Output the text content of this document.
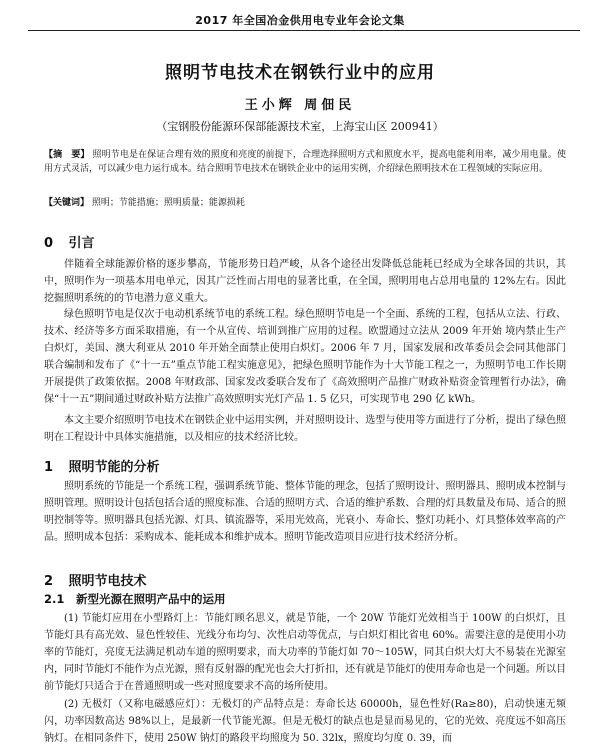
2017 年全国冶金供用电专业年会论文集
照明节电技术在钢铁行业中的应用
王小辉 周佃民
（宝钢股份能源环保部能源技术室，上海宝山区 200941）
【摘　要】 照明节电是在保证合理有效的照度和亮度的前提下，合理选择照明方式和照度水平，提高电能利用率，减少用电量。使用方式灵活，可以减少电力运行成本。结合照明节电技术在钢铁企业中的运用实例，介绍绿色照明技术在工程领域的实际应用。
【关键词】 照明；节能措施；照明质量；能源损耗
0 引言

伴随着全球能源价格的逐步攀高，节能形势日趋严峻，从各个途径出发降低总能耗已经成为全球各国的共识，其中，照明作为一项基本用电单元，因其广泛性而占用电的显著比重，在全国，照明用电占总用电量的 12%左右。因此挖掘照明系统的的节电潜力意义重大。

绿色照明节电是仅次于电动机系统节电的系统工程。绿色照明节电是一个全面、系统的工程，包括从立法、行政、技术、经济等多方面采取措施，有一个从宣传、培训到推广应用的过程。欧盟通过立法从 2009 年开始 境内禁止生产白炽灯，美国、澳大利亚从 2010 年开始全面禁止使用白炽灯。2006 年 7 月，国家发展和改革委员会会同其他部门联合编制和发布了《“十一五”重点节能工程实施意见》，把绿色照明节能作为十大节能工程之一，为照明节电工作长期开展提供了政策依据。2008 年财政部、国家发改委联合发布了《高效照明产品推广财政补贴资金管理暂行办法》，确保“十一五”期间通过财政补贴方法推广高效照明实光灯产品 1. 5 亿只，可实现节电 290 亿 kWh。

本文主要介绍照明节电技术在钢铁企业中运用实例，并对照明设计、选型与使用等方面进行了分析，提出了绿色照明在工程设计中具体实施措施，以及相应的技术经济比较。

1 照明节能的分析

照明系统的节能是一个系统工程，强调系统节能、整体节能的理念，包括了照明设计、照明器具、照明成本控制与照明管理。照明设计包括包括合适的照度标准、合适的照明方式、合适的维护系数、合理的灯具数量及布局、适合的照明控制等等。照明器具包括光源、灯具、镇流器等，采用光效高，光衰小、寿命长、整灯功耗小、灯具整体效率高的产品。照明成本包括：采购成本、能耗成本和维护成本。照明节能改造项目应进行技术经济分析。

2 照明节电技术
2.1 新型光源在照明产品中的运用

(1) 节能灯应用在小型路灯上：节能灯顾名思义，就是节能，一个 20W 节能灯光效相当于 100W 的白炽灯，且节能灯具有高光效、显色性较佳、光线分布均匀、次性启动等优点，与白炽灯相比省电 60%。需要注意的是使用小功率的节能灯，亮度无法满足机动车道的照明要求，而大功率的节能灯如 70～105W，同其白炽大灯大不易装在光源室内，同时节能灯不能作为点光源，照有反射器的配光也会大打折扣，还有就是节能灯的使用寿命也是一个问题。所以目前节能灯只适合于在普通照明或一些对照度要求不高的场所使用。

(2) 无极灯（又称电磁感应灯）：无极灯的产品特点是：寿命长达 60000h，显色性好(Ra≥80)，启动快速无频闪，功率因数高达 98%以上，是最新一代节能光源。但是无极灯的缺点也是显而易见的，它的光效、亮度远不如高压钠灯。在相同条件下，使用 250W 钠灯的路段平均照度为 50. 32lx，照度均匀度 0. 39，而
